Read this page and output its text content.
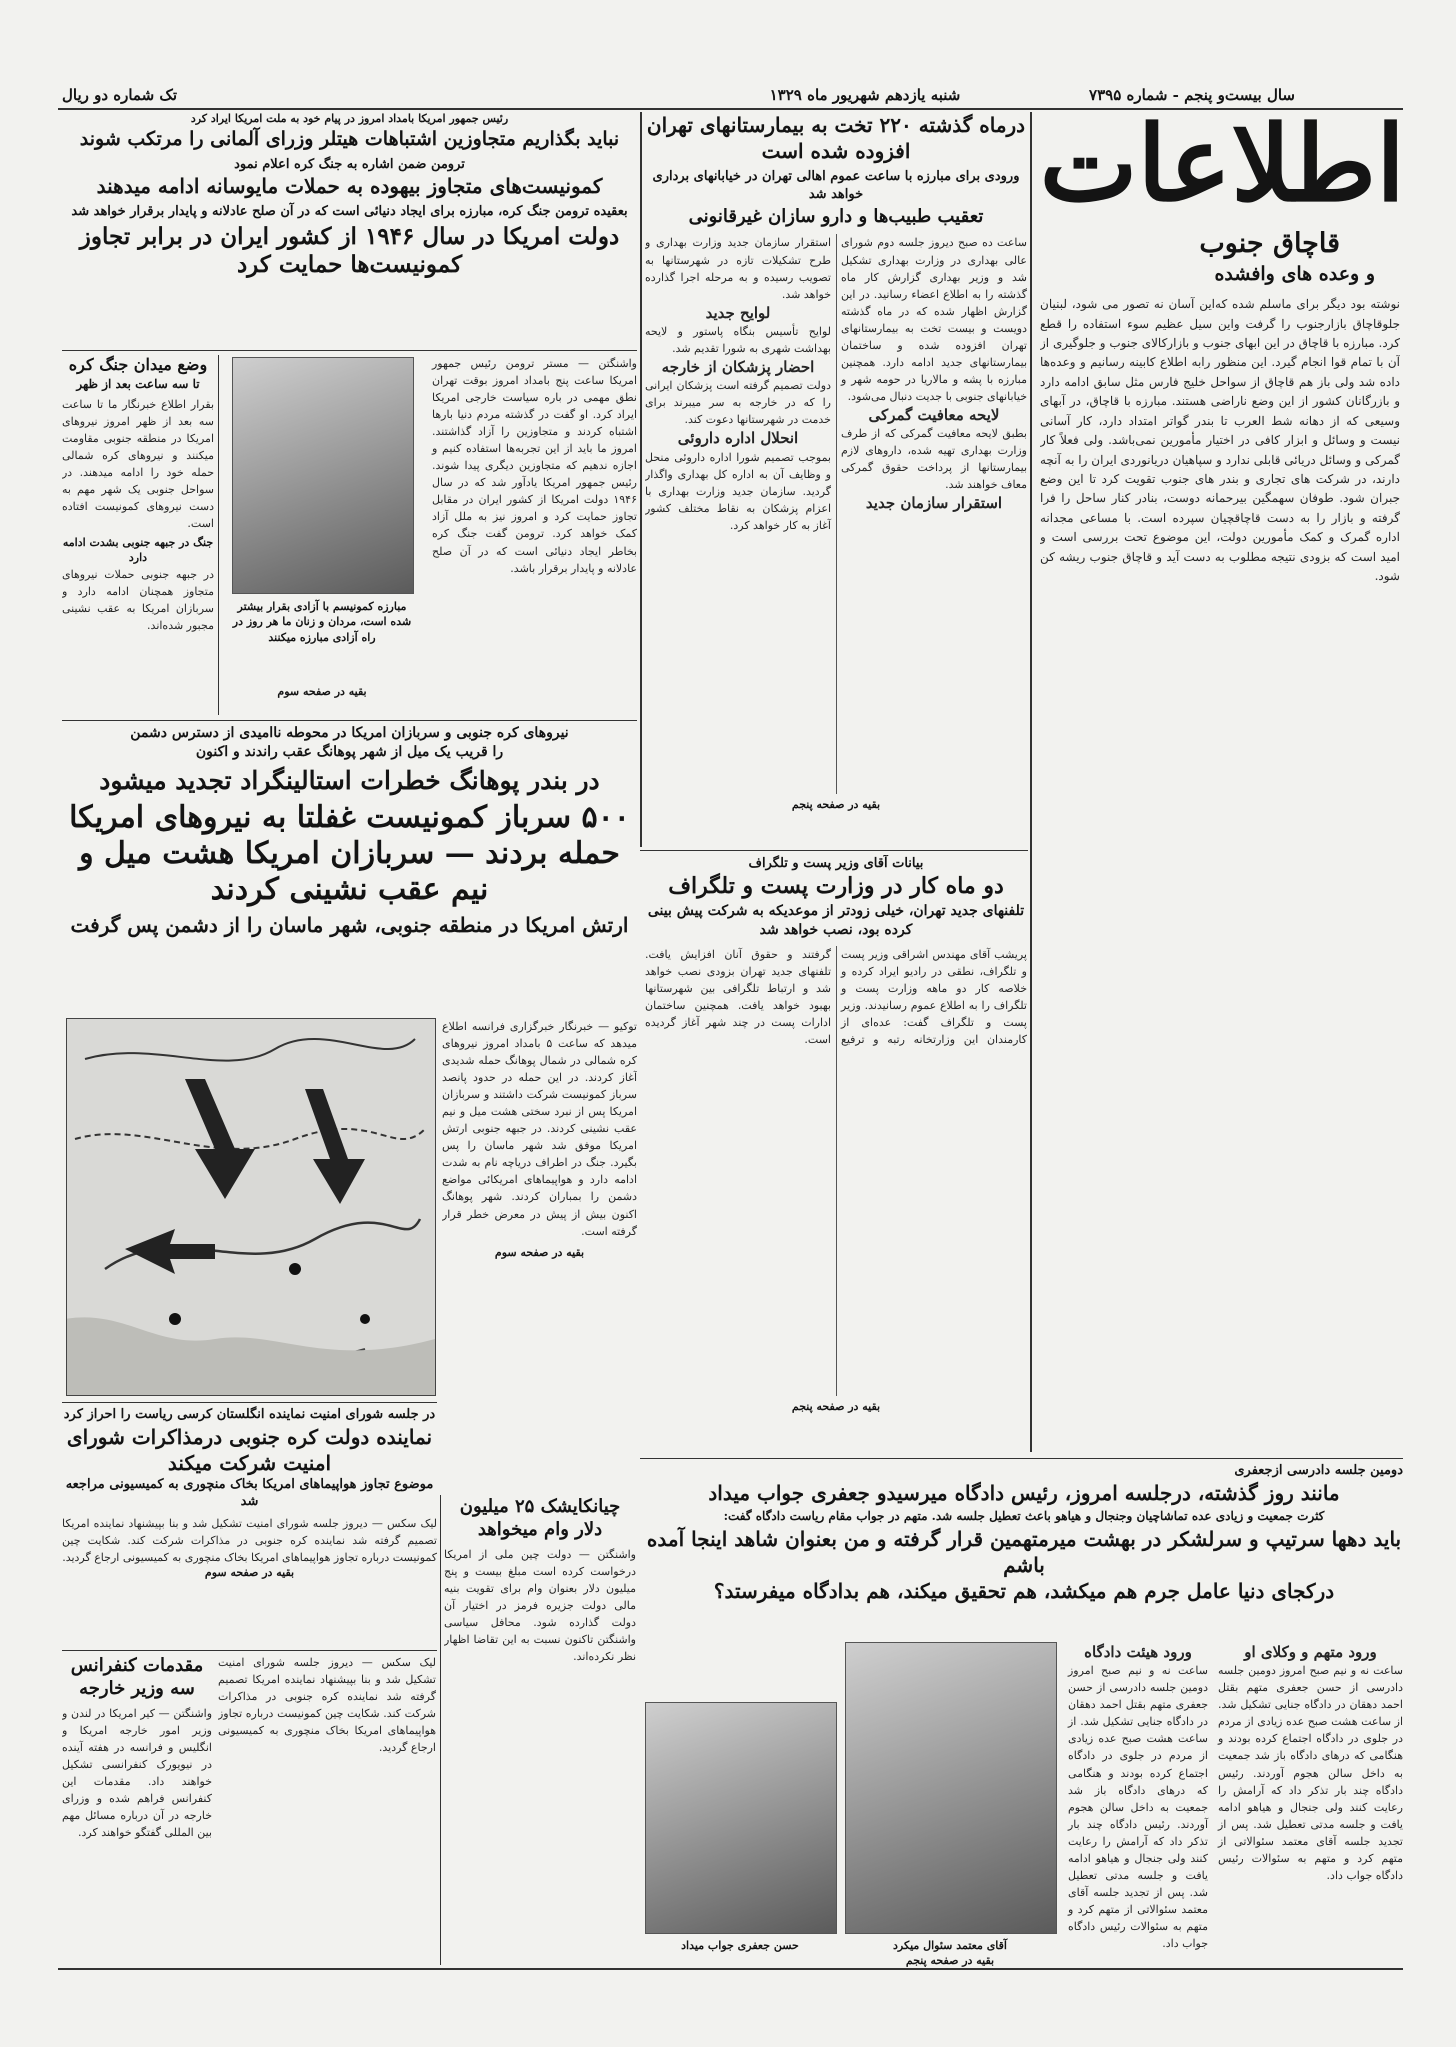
سال بیست‌و پنجم - شماره ۷۳۹۵
شنبه یازدهم شهریور ماه ۱۳۲۹
تک شماره دو ریال
اطلاعات
قاچاق جنوب
و وعده های وافشده
نوشته بود دیگر برای ماسلم شده که‌این آسان نه تصور می شود، لبنیان جلوقاچاق بازارجنوب را گرفت واین سیل عظیم سوء استفاده را قطع کرد. مبارزه با قاچاق در این ابهای جنوب و بازارکالای جنوب و جلوگیری از آن با تمام قوا انجام گیرد. این منظور رابه اطلاع کابینه رسانیم و وعده‌ها داده شد ولی باز هم قاچاق از سواحل خلیج فارس مثل سابق ادامه دارد و بازرگانان کشور از این وضع ناراضی هستند. مبارزه با قاچاق، در آبهای وسیعی که از دهانه شط العرب تا بندر گواتر امتداد دارد، کار آسانی نیست و وسائل و ابزار کافی در اختیار مأمورین نمی‌باشد. ولی فعلاً کار گمرکی و وسائل دریائی قابلی ندارد و سپاهیان دریانوردی ایران را به آنچه دارند، در شرکت های تجاری و بندر های جنوب تقویت کرد تا این وضع جبران شود. طوفان سهمگین بیرحمانه دوست، بنادر کنار ساحل را فرا گرفته و بازار را به دست قاچاقچیان سپرده است. با مساعی مجدانه اداره گمرک و کمک مأمورین دولت، این موضوع تحت بررسی است و امید است که بزودی نتیجه مطلوب به دست آید و قاچاق جنوب ریشه کن شود.
درماه گذشته ۲۲۰ تخت به بیمارستانهای تهران افزوده شده است
ورودی برای مبارزه با ساعت عموم اهالی تهران در خیابانهای برداری خواهد شد
تعقیب طبیب‌ها و دارو سازان غیرقانونی
ساعت ده صبح دیروز جلسه دوم شورای عالی بهداری در وزارت بهداری تشکیل شد و وزیر بهداری گزارش کار ماه گذشته را به اطلاع اعضاء رسانید. در این گزارش اظهار شده که در ماه گذشته دویست و بیست تخت به بیمارستانهای تهران افزوده شده و ساختمان بیمارستانهای جدید ادامه دارد. همچنین مبارزه با پشه و مالاریا در حومه شهر و خیابانهای جنوبی با جدیت دنبال می‌شود.
لایحه معافیت گمرکی
بطبق لایحه معافیت گمرکی که از طرف وزارت بهداری تهیه شده، داروهای لازم بیمارستانها از پرداخت حقوق گمرکی معاف خواهند شد.
استقرار سازمان جدید
استقرار سازمان جدید وزارت بهداری و طرح تشکیلات تازه در شهرستانها به تصویب رسیده و به مرحله اجرا گذارده خواهد شد.
لوایح جدید
لوایح تأسیس بنگاه پاستور و لایحه بهداشت شهری به شورا تقدیم شد.
احضار پزشکان از خارجه
دولت تصمیم گرفته است پزشکان ایرانی را که در خارجه به سر میبرند برای خدمت در شهرستانها دعوت کند.
انحلال اداره داروئی
بموجب تصمیم شورا اداره داروئی منحل و وظایف آن به اداره کل بهداری واگذار گردید. سازمان جدید وزارت بهداری با اعزام پزشکان به نقاط مختلف کشور آغاز به کار خواهد کرد.
بقیه در صفحه پنجم
رئیس جمهور امریکا بامداد امروز در پیام خود به ملت امریکا ایراد کرد
نباید بگذاریم متجاوزین اشتباهات هیتلر وزرای آلمانی را مرتکب شوند
ترومن ضمن اشاره به جنگ کره اعلام نمود
کمونیست‌های متجاوز بیهوده به حملات مایوسانه ادامه میدهند
بعقیده ترومن جنگ کره، مبارزه برای ایجاد دنیائی است که در آن صلح عادلانه و پایدار برقرار خواهد شد
دولت امریکا در سال ۱۹۴۶ از کشور ایران در برابر تجاوز کمونیست‌ها حمایت کرد
واشنگتن — مستر ترومن رئیس جمهور امریکا ساعت پنج بامداد امروز بوقت تهران نطق مهمی در باره سیاست خارجی امریکا ایراد کرد. او گفت در گذشته مردم دنیا بارها اشتباه کردند و متجاوزین را آزاد گذاشتند. امروز ما باید از این تجربه‌ها استفاده کنیم و اجازه ندهیم که متجاوزین دیگری پیدا شوند. رئیس جمهور امریکا یادآور شد که در سال ۱۹۴۶ دولت امریکا از کشور ایران در مقابل تجاوز حمایت کرد و امروز نیز به ملل آزاد کمک خواهد کرد. ترومن گفت جنگ کره بخاطر ایجاد دنیائی است که در آن صلح عادلانه و پایدار برقرار باشد.
مبارزه کمونیسم با آزادی بقرار بیشتر شده است، مردان و زنان ما هر روز در راه آزادی مبارزه میکنند
بقیه در صفحه سوم
وضع میدان جنگ کره
تا سه ساعت بعد از ظهر
بقرار اطلاع خبرنگار ما تا ساعت سه بعد از ظهر امروز نیروهای امریکا در منطقه جنوبی مقاومت میکنند و نیروهای کره شمالی حمله خود را ادامه میدهند. در سواحل جنوبی یک شهر مهم به دست نیروهای کمونیست افتاده است.
جنگ در جبهه جنوبی بشدت ادامه دارد
در جبهه جنوبی حملات نیروهای متجاوز همچنان ادامه دارد و سربازان امریکا به عقب نشینی مجبور شده‌اند.
نیروهای کره جنوبی و سربازان امریکا در محوطه ناامیدی از دسترس دشمن
را قریب یک میل از شهر پوهانگ عقب راندند و اکنون
در بندر پوهانگ خطرات استالینگراد تجدید میشود
۵۰۰ سرباز کمونیست غفلتا به نیروهای امریکا حمله بردند — سربازان امریکا هشت میل و نیم عقب نشینی کردند
ارتش امریکا در منطقه جنوبی، شهر ماسان را از دشمن پس گرفت
توکیو — خبرنگار خبرگزاری فرانسه اطلاع میدهد که ساعت ۵ بامداد امروز نیروهای کره شمالی در شمال پوهانگ حمله شدیدی آغاز کردند. در این حمله در حدود پانصد سرباز کمونیست شرکت داشتند و سربازان امریکا پس از نبرد سختی هشت میل و نیم عقب نشینی کردند. در جبهه جنوبی ارتش امریکا موفق شد شهر ماسان را پس بگیرد. جنگ در اطراف دریاچه نام به شدت ادامه دارد و هواپیماهای امریکائی مواضع دشمن را بمباران کردند. شهر پوهانگ اکنون بیش از پیش در معرض خطر قرار گرفته است.
بقیه در صفحه سوم
بیانات آقای وزیر پست و تلگراف
دو ماه کار در وزارت پست و تلگراف
تلفنهای جدید تهران، خیلی زودتر از موعدیکه به شرکت پیش بینی کرده بود، نصب خواهد شد
پریشب آقای مهندس اشراقی وزیر پست و تلگراف، نطقی در رادیو ایراد کرده و خلاصه کار دو ماهه وزارت پست و تلگراف را به اطلاع عموم رسانیدند. وزیر پست و تلگراف گفت: عده‌ای از کارمندان این وزارتخانه رتبه و ترفیع گرفتند و حقوق آنان افزایش یافت. تلفنهای جدید تهران بزودی نصب خواهد شد و ارتباط تلگرافی بین شهرستانها بهبود خواهد یافت. همچنین ساختمان ادارات پست در چند شهر آغاز گردیده است.
بقیه در صفحه پنجم
در جلسه شورای امنیت نماینده انگلستان کرسی ریاست را احراز کرد
نماینده دولت کره جنوبی درمذاکرات شورای امنیت شرکت میکند
موضوع تجاوز هواپیماهای امریکا بخاک منچوری به کمیسیونی مراجعه شد
لیک سکس — دیروز جلسه شورای امنیت تشکیل شد و بنا بپیشنهاد نماینده امریکا تصمیم گرفته شد نماینده کره جنوبی در مذاکرات شرکت کند. شکایت چین کمونیست درباره تجاوز هواپیماهای امریکا بخاک منچوری به کمیسیونی ارجاع گردید.
بقیه در صفحه سوم
چیانکایشک ۲۵ میلیون دلار وام میخواهد
واشنگتن — دولت چین ملی از امریکا درخواست کرده است مبلغ بیست و پنج میلیون دلار بعنوان وام برای تقویت بنیه مالی دولت جزیره فرمز در اختیار آن دولت گذارده شود. محافل سیاسی واشنگتن تاکنون نسبت به این تقاضا اظهار نظر نکرده‌اند.
مقدمات کنفرانس سه وزیر خارجه
واشنگتن — کیر امریکا در لندن و وزیر امور خارجه امریکا و انگلیس و فرانسه در هفته آینده در نیویورک کنفرانسی تشکیل خواهند داد. مقدمات این کنفرانس فراهم شده و وزرای خارجه در آن درباره مسائل مهم بین المللی گفتگو خواهند کرد.
لیک سکس — دیروز جلسه شورای امنیت تشکیل شد و بنا بپیشنهاد نماینده امریکا تصمیم گرفته شد نماینده کره جنوبی در مذاکرات شرکت کند. شکایت چین کمونیست درباره تجاوز هواپیماهای امریکا بخاک منچوری به کمیسیونی ارجاع گردید.
دومین جلسه دادرسی ازجعفری
مانند روز گذشته، درجلسه امروز، رئیس دادگاه میرسیدو جعفری جواب میداد
کثرت جمعیت و زیادی عده تماشاچیان وجنجال و هیاهو باعث تعطیل جلسه شد. متهم در جواب مقام ریاست دادگاه گفت:
باید دهها سرتیپ و سرلشکر در بهشت میرمتهمین قرار گرفته و من بعنوان شاهد اینجا آمده باشم
درکجای دنیا عامل جرم هم میکشد، هم تحقیق میکند، هم بدادگاه میفرستد؟
ورود متهم و وکلای او
ساعت نه و نیم صبح امروز دومین جلسه دادرسی از حسن جعفری متهم بقتل احمد دهقان در دادگاه جنایی تشکیل شد. از ساعت هشت صبح عده زیادی از مردم در جلوی در دادگاه اجتماع کرده بودند و هنگامی که درهای دادگاه باز شد جمعیت به داخل سالن هجوم آوردند. رئیس دادگاه چند بار تذکر داد که آرامش را رعایت کنند ولی جنجال و هیاهو ادامه یافت و جلسه مدتی تعطیل شد. پس از تجدید جلسه آقای معتمد سئوالاتی از متهم کرد و متهم به سئوالات رئیس دادگاه جواب داد.
ورود هیئت دادگاه
ساعت نه و نیم صبح امروز دومین جلسه دادرسی از حسن جعفری متهم بقتل احمد دهقان در دادگاه جنایی تشکیل شد. از ساعت هشت صبح عده زیادی از مردم در جلوی در دادگاه اجتماع کرده بودند و هنگامی که درهای دادگاه باز شد جمعیت به داخل سالن هجوم آوردند. رئیس دادگاه چند بار تذکر داد که آرامش را رعایت کنند ولی جنجال و هیاهو ادامه یافت و جلسه مدتی تعطیل شد. پس از تجدید جلسه آقای معتمد سئوالاتی از متهم کرد و متهم به سئوالات رئیس دادگاه جواب داد.
آقای معتمد سئوال میکرد
حسن جعفری جواب میداد
بقیه در صفحه پنجم
